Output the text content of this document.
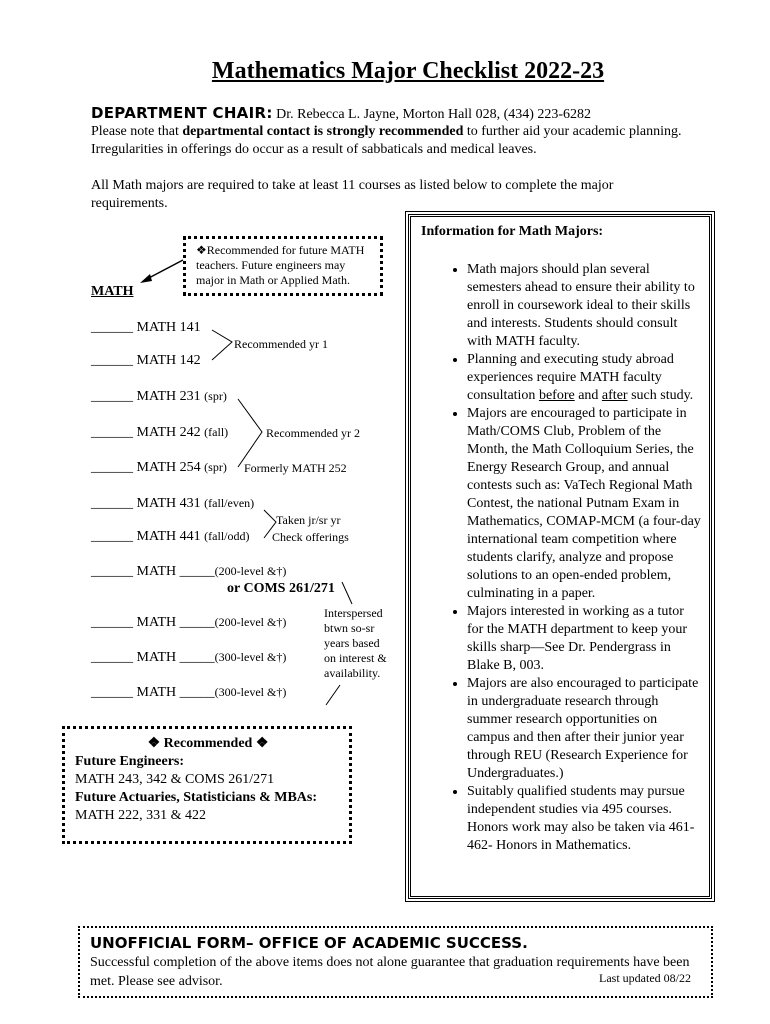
Mathematics Major Checklist 2022-23
DEPARTMENT CHAIR: Dr. Rebecca L. Jayne, Morton Hall 028, (434) 223-6282
Please note that departmental contact is strongly recommended to further aid your academic planning. Irregularities in offerings do occur as a result of sabbaticals and medical leaves.
All Math majors are required to take at least 11 courses as listed below to complete the major requirements.
❖Recommended for future MATH teachers. Future engineers may major in Math or Applied Math.
MATH
______ MATH 141
______ MATH 142
______ MATH 231 (spr)
______ MATH 242 (fall)
______ MATH 254 (spr)
______ MATH 431 (fall/even)
______ MATH 441 (fall/odd)
______ MATH _____(200-level &†)
or COMS 261/271
______ MATH _____(200-level &†)
______ MATH _____(300-level &†)
______ MATH _____(300-level &†)
Recommended yr 1
Recommended yr 2
Formerly MATH 252
Taken jr/sr yr
Check offerings
Interspersed
btwn so-sr
years based
on interest &
availability.
❖ Recommended ❖
Future Engineers:
MATH 243, 342 & COMS 261/271
Future Actuaries, Statisticians & MBAs:
MATH 222, 331 & 422
Information for Math Majors:
• Math majors should plan several semesters ahead to ensure their ability to enroll in coursework ideal to their skills and interests. Students should consult with MATH faculty.
• Planning and executing study abroad experiences require MATH faculty consultation before and after such study.
• Majors are encouraged to participate in Math/COMS Club, Problem of the Month, the Math Colloquium Series, the Energy Research Group, and annual contests such as: VaTech Regional Math Contest, the national Putnam Exam in Mathematics, COMAP-MCM (a four-day international team competition where students clarify, analyze and propose solutions to an open-ended problem, culminating in a paper.
• Majors interested in working as a tutor for the MATH department to keep your skills sharp—See Dr. Pendergrass in Blake B, 003.
• Majors are also encouraged to participate in undergraduate research through summer research opportunities on campus and then after their junior year through REU (Research Experience for Undergraduates.)
• Suitably qualified students may pursue independent studies via 495 courses. Honors work may also be taken via 461-462- Honors in Mathematics.
UNOFFICIAL FORM– OFFICE OF ACADEMIC SUCCESS.
Successful completion of the above items does not alone guarantee that graduation requirements have been met. Please see advisor.	Last updated 08/22
